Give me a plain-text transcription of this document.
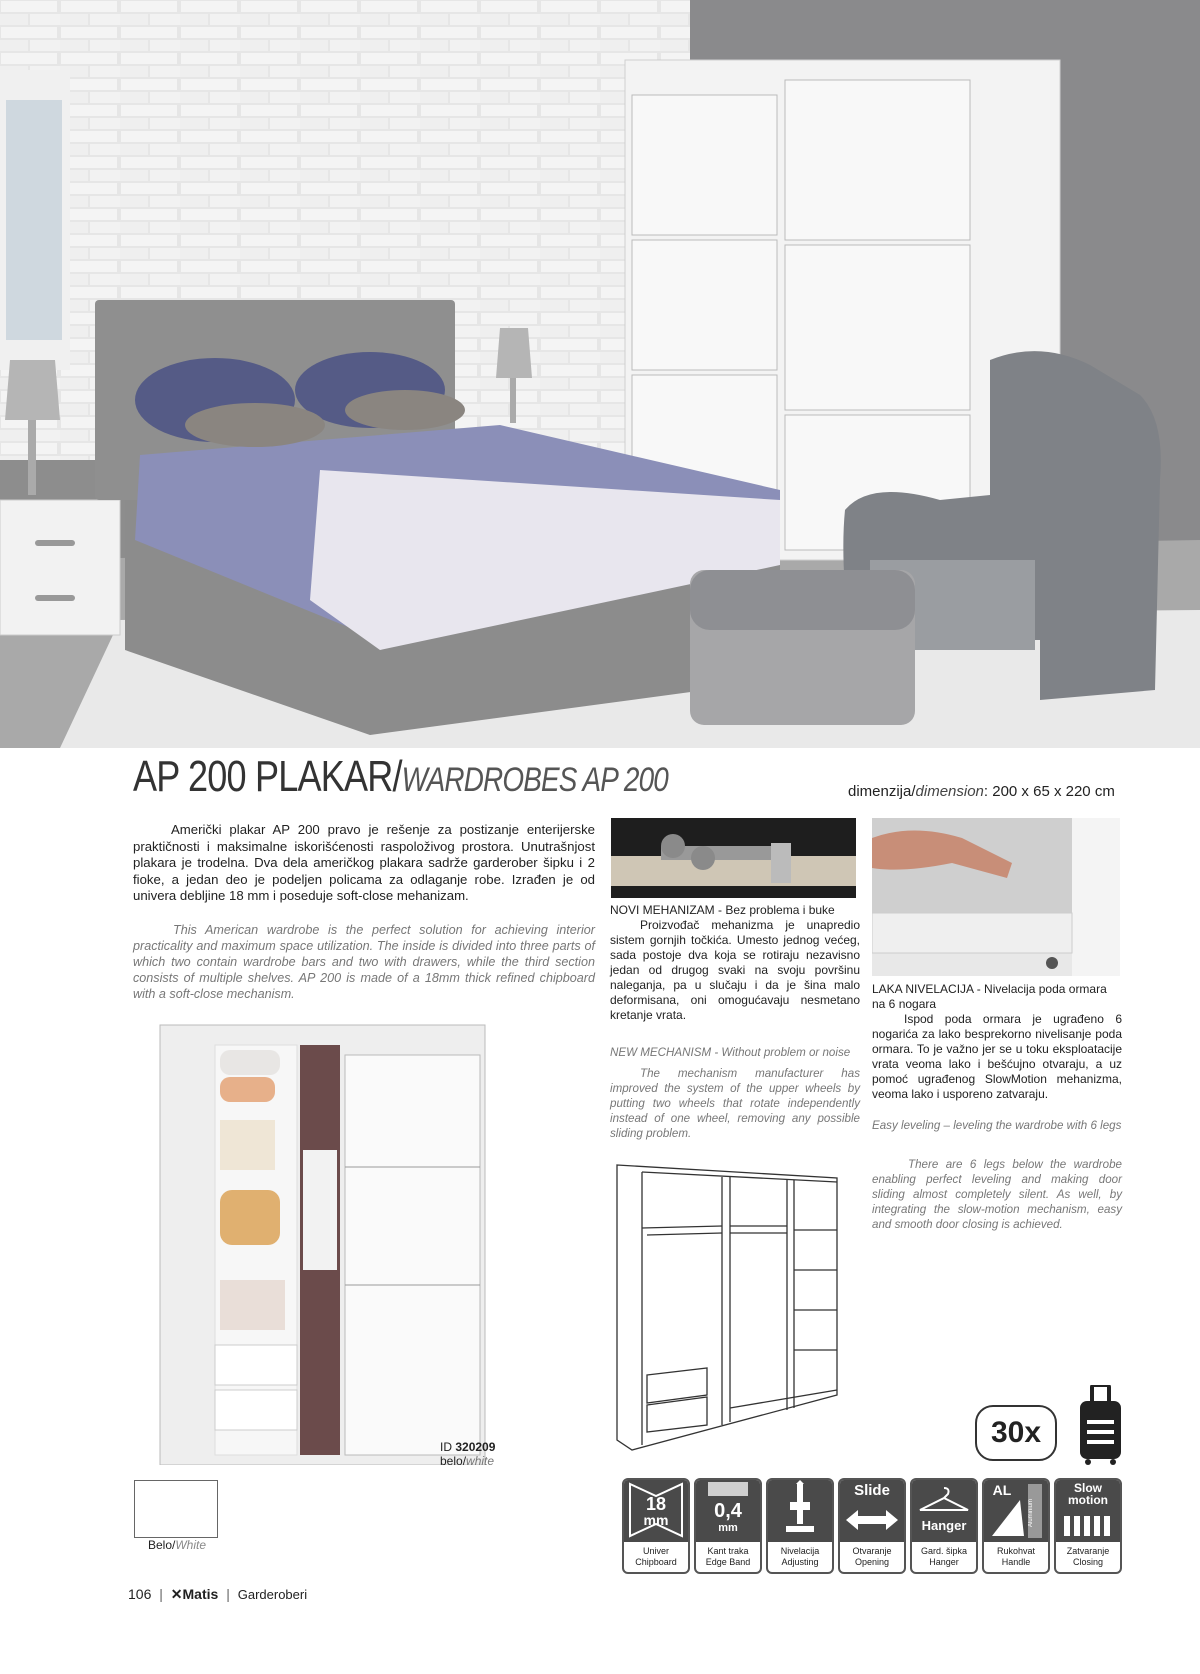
AP 200 PLAKAR/WARDROBES AP 200	dimenzija/dimension: 200 x 65 x 220 cm
Američki plakar AP 200 pravo je rešenje za postizanje enterijerske praktičnosti i maksimalne iskorišćenosti raspoloživog prostora. Unutrašnjost plakara je trodelna. Dva dela američkog plakara sadrže garderober šipku i 2 fioke, a jedan deo je podeljen policama za odlaganje robe. Izrađen je od univera debljine 18 mm i poseduje soft-close mehanizam.
This American wardrobe is the perfect solution for achieving interior practicality and maximum space utilization. The inside is divided into three parts of which two contain wardrobe bars and two with drawers, while the third section consists of multiple shelves. AP 200 is made of a 18mm thick refined chipboard with a soft-close mechanism.
ID 320209
belo/white
Belo/White
NOVI MEHANIZAM - Bez problema i buke
Proizvođač mehanizma je unapredio sistem gornjih točkića. Umesto jednog većeg, sada postoje dva koja se rotiraju nezavisno jedan od drugog svaki na svoju površinu naleganja, pa u slučaju i da je šina malo deformisana, oni omogućavaju nesmetano kretanje vrata.
NEW MECHANISM - Without problem or noise
The mechanism manufacturer has improved the system of the upper wheels by putting two wheels that rotate independently instead of one wheel, removing any possible sliding problem.
LAKA NIVELACIJA - Nivelacija poda ormara na 6 nogara
Ispod poda ormara je ugrađeno 6 nogarića za lako besprekorno nivelisanje poda ormara. To je važno jer se u toku eksploatacije vrata veoma lako i bešćujno otvaraju, a uz pomoć ugrađenog SlowMotion mehanizma, veoma lako i usporeno zatvaraju.
Easy leveling – leveling the wardrobe with 6 legs
There are 6 legs below the wardrobe enabling perfect leveling and making door sliding almost completely silent. As well, by integrating the slow-motion mechanism, easy and smooth door closing is achieved.
30x
18
mm
Univer
Chipboard
0,4
mm
Kant traka
Edge Band
Nivelacija
Adjusting
Slide
Otvaranje
Opening
Hanger
Gard. šipka
Hanger
AL
Aluminium
Rukohvat
Handle
Slow
motion
Zatvaranje
Closing
106 | ✕Matis | Garderoberi
